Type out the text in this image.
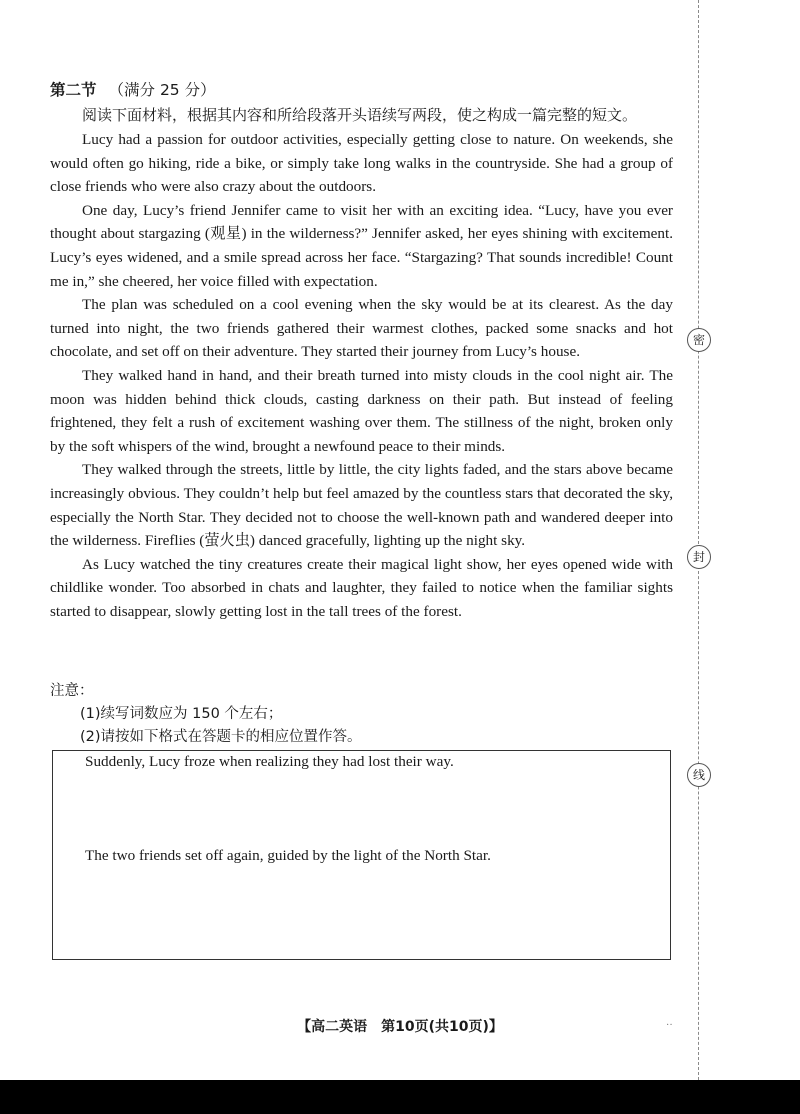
第二节 （满分 25 分）
阅读下面材料，根据其内容和所给段落开头语续写两段，使之构成一篇完整的短文。

Lucy had a passion for outdoor activities, especially getting close to nature. On weekends, she would often go hiking, ride a bike, or simply take long walks in the countryside. She had a group of close friends who were also crazy about the outdoors.

One day, Lucy’s friend Jennifer came to visit her with an exciting idea. “Lucy, have you ever thought about stargazing (观星) in the wilderness?” Jennifer asked, her eyes shining with excitement. Lucy’s eyes widened, and a smile spread across her face. “Stargazing? That sounds incredible! Count me in,” she cheered, her voice filled with expectation.

The plan was scheduled on a cool evening when the sky would be at its clearest. As the day turned into night, the two friends gathered their warmest clothes, packed some snacks and hot chocolate, and set off on their adventure. They started their journey from Lucy’s house.

They walked hand in hand, and their breath turned into misty clouds in the cool night air. The moon was hidden behind thick clouds, casting darkness on their path. But instead of feeling frightened, they felt a rush of excitement washing over them. The stillness of the night, broken only by the soft whispers of the wind, brought a newfound peace to their minds.

They walked through the streets, little by little, the city lights faded, and the stars above became increasingly obvious. They couldn’t help but feel amazed by the countless stars that decorated the sky, especially the North Star. They decided not to choose the well-known path and wandered deeper into the wilderness. Fireflies (萤火虫) danced gracefully, lighting up the night sky.

As Lucy watched the tiny creatures create their magical light show, her eyes opened wide with childlike wonder. Too absorbed in chats and laughter, they failed to notice when the familiar sights started to disappear, slowly getting lost in the tall trees of the forest.

注意：
(1)续写词数应为 150 个左右；
(2)请按如下格式在答题卡的相应位置作答。
Suddenly, Lucy froze when realizing they had lost their way.
The two friends set off again, guided by the light of the North Star.
【高二英语　第10页(共10页)】	··
密
封
线
